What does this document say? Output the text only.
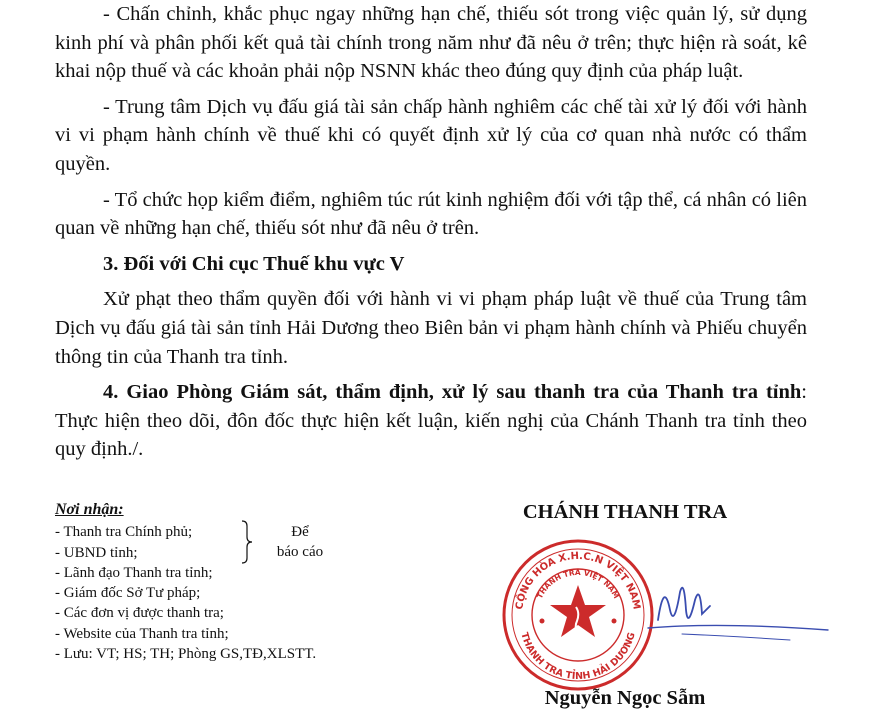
- Chấn chỉnh, khắc phục ngay những hạn chế, thiếu sót trong việc quản lý, sử dụng kinh phí và phân phối kết quả tài chính trong năm như đã nêu ở trên; thực hiện rà soát, kê khai nộp thuế và các khoản phải nộp NSNN khác theo đúng quy định của pháp luật.

- Trung tâm Dịch vụ đấu giá tài sản chấp hành nghiêm các chế tài xử lý đối với hành vi vi phạm hành chính về thuế khi có quyết định xử lý của cơ quan nhà nước có thẩm quyền.

- Tổ chức họp kiểm điểm, nghiêm túc rút kinh nghiệm đối với tập thể, cá nhân có liên quan về những hạn chế, thiếu sót như đã nêu ở trên.

3. Đối với Chi cục Thuế khu vực V

Xử phạt theo thẩm quyền đối với hành vi vi phạm pháp luật về thuế của Trung tâm Dịch vụ đấu giá tài sản tỉnh Hải Dương theo Biên bản vi phạm hành chính và Phiếu chuyển thông tin của Thanh tra tỉnh.

4. Giao Phòng Giám sát, thẩm định, xử lý sau thanh tra của Thanh tra tỉnh: Thực hiện theo dõi, đôn đốc thực hiện kết luận, kiến nghị của Chánh Thanh tra tỉnh theo quy định./.

Nơi nhận:
- Thanh tra Chính phủ;
- UBND tỉnh;
- Lãnh đạo Thanh tra tỉnh;
- Giám đốc Sở Tư pháp;
- Các đơn vị được thanh tra;
- Website của Thanh tra tỉnh;
- Lưu: VT; HS; TH; Phòng GS,TĐ,XLSTT.
Để
báo cáo
CHÁNH THANH TRA
CỘNG HÒA X.H.C.N VIỆT NAM
THANH TRA VIỆT NAM
THANH TRA TỈNH HẢI DƯƠNG
Nguyễn Ngọc Sẫm
